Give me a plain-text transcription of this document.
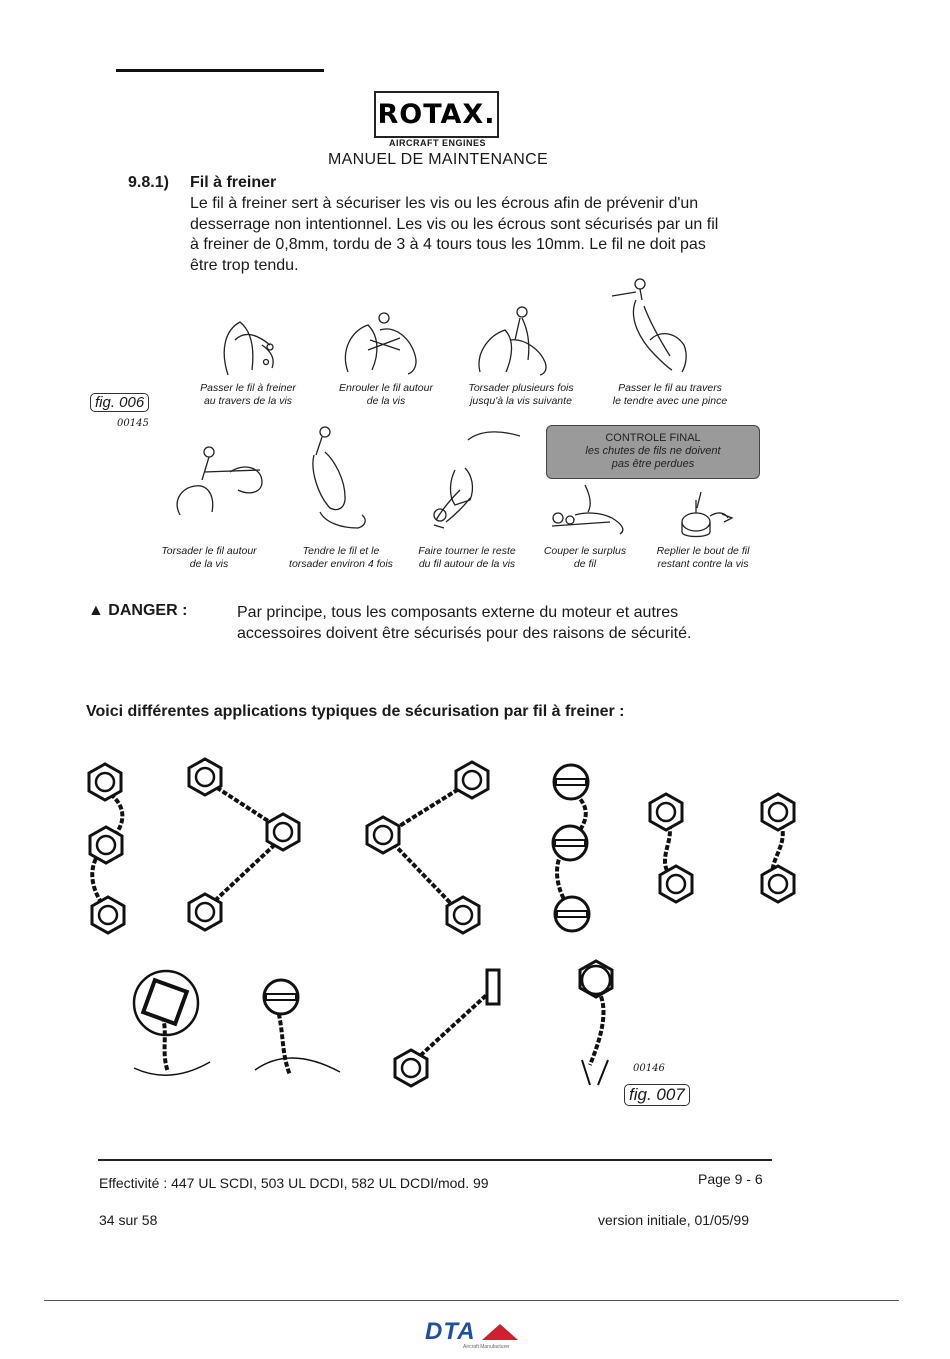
ROTAX.
AIRCRAFT ENGINES
MANUEL DE MAINTENANCE
9.8.1) Fil à freiner
Le fil à freiner sert à sécuriser les vis ou les écrous afin de prévenir d'un
desserrage non intentionnel. Les vis ou les écrous sont sécurisés par un fil
à freiner de 0,8mm, tordu de 3 à 4 tours tous les 10mm. Le fil ne doit pas
être trop tendu.
fig. 006
00145
Passer le fil à freiner
au travers de la vis
Enrouler le fil autour
de la vis
Torsader plusieurs fois
jusqu'à la vis suivante
Passer le fil au travers
le tendre avec une pince
CONTROLE FINAL
les chutes de fils ne doivent
pas être perdues
Torsader le fil autour
de la vis
Tendre le fil et le
torsader environ 4 fois
Faire tourner le reste
du fil autour de la vis
Couper le surplus
de fil
Replier le bout de fil
restant contre la vis
▲ DANGER :	Par principe, tous les composants externe du moteur et autres
accessoires doivent être sécurisés pour des raisons de sécurité.
Voici différentes applications typiques de sécurisation par fil à freiner :
00146
fig. 007
Effectivité : 447 UL SCDI, 503 UL DCDI, 582 UL DCDI/mod. 99	Page 9 - 6
34 sur 58	version initiale, 01/05/99
DTA
Aircraft Manufacturer
